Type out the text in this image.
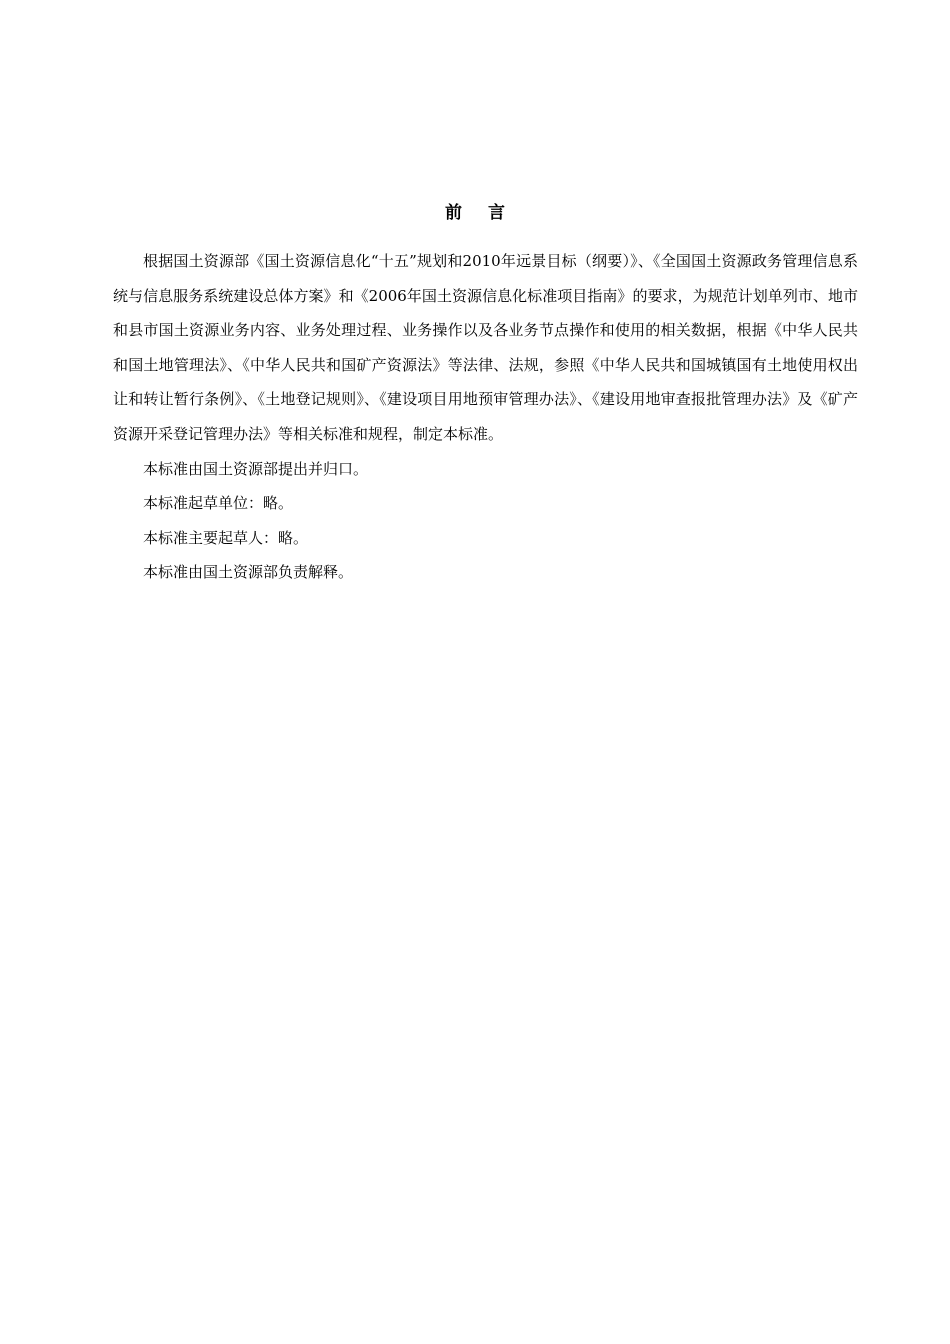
前 言

根据国土资源部《国土资源信息化“十五”规划和2010年远景目标（纲要）》、《全国国土资源政务管理信息系统与信息服务系统建设总体方案》和《2006年国土资源信息化标准项目指南》的要求，为规范计划单列市、地市和县市国土资源业务内容、业务处理过程、业务操作以及各业务节点操作和使用的相关数据，根据《中华人民共和国土地管理法》、《中华人民共和国矿产资源法》等法律、法规，参照《中华人民共和国城镇国有土地使用权出让和转让暂行条例》、《土地登记规则》、《建设项目用地预审管理办法》、《建设用地审查报批管理办法》及《矿产资源开采登记管理办法》等相关标准和规程，制定本标准。

本标准由国土资源部提出并归口。

本标准起草单位：略。

本标准主要起草人：略。

本标准由国土资源部负责解释。
